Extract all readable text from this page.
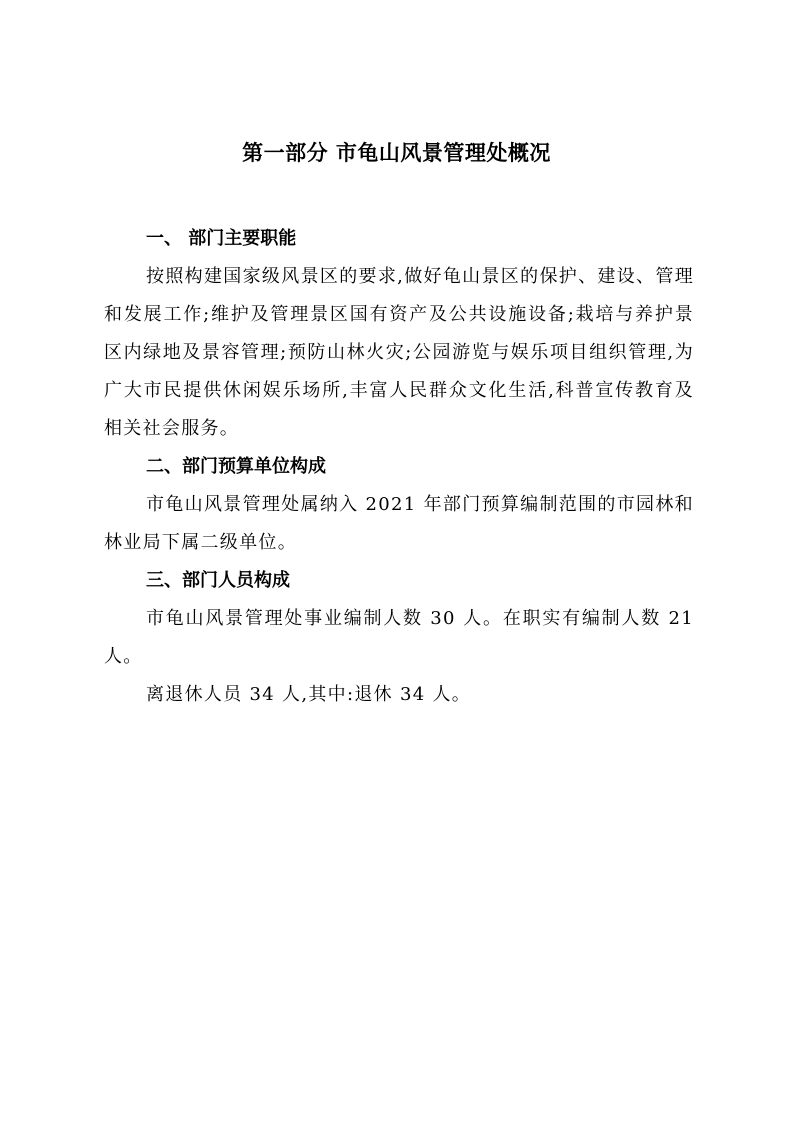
第一部分 市龟山风景管理处概况

一、 部门主要职能

按照构建国家级风景区的要求,做好龟山景区的保护、建设、管理和发展工作;维护及管理景区国有资产及公共设施设备;栽培与养护景区内绿地及景容管理;预防山林火灾;公园游览与娱乐项目组织管理,为广大市民提供休闲娱乐场所,丰富人民群众文化生活,科普宣传教育及相关社会服务。

二、部门预算单位构成

市龟山风景管理处属纳入 2021 年部门预算编制范围的市园林和林业局下属二级单位。

三、部门人员构成

市龟山风景管理处事业编制人数 30 人。在职实有编制人数 21 人。

离退休人员 34 人,其中:退休 34 人。
